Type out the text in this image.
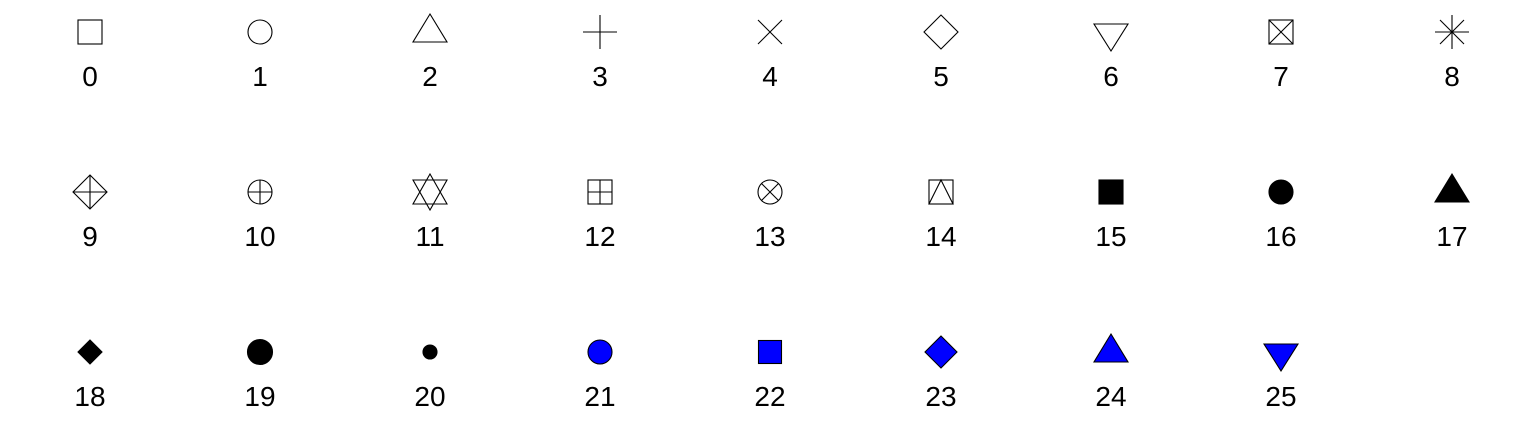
0	1	2	3	4	5	6	7	8
9	10	11	12	13	14	15	16	17
18	19	20	21	22	23	24	25
